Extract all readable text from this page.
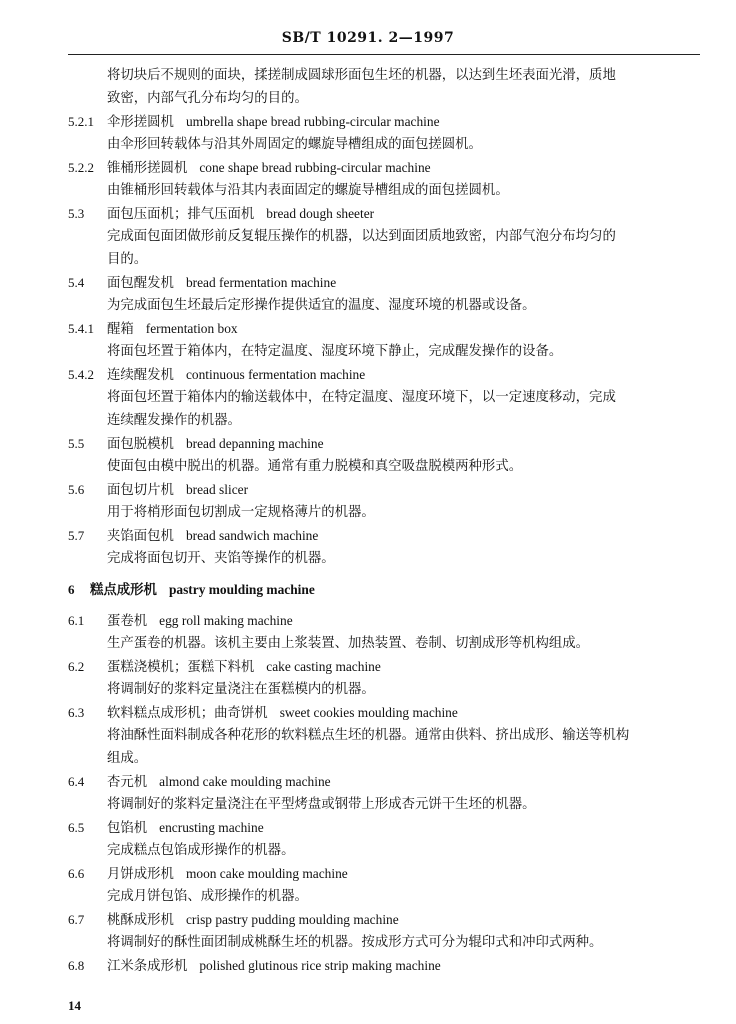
SB/T 10291. 2—1997
将切块后不规则的面块，揉搓制成圆球形面包生坯的机器，以达到生坯表面光滑，质地
致密，内部气孔分布均匀的目的。
5.2.1 伞形搓圆机 umbrella shape bread rubbing-circular machine
由伞形回转载体与沿其外周固定的螺旋导槽组成的面包搓圆机。
5.2.2 锥桶形搓圆机 cone shape bread rubbing-circular machine
由锥桶形回转载体与沿其内表面固定的螺旋导槽组成的面包搓圆机。
5.3 面包压面机；排气压面机 bread dough sheeter
完成面包面团做形前反复辊压操作的机器，以达到面团质地致密，内部气泡分布均匀的
目的。
5.4 面包醒发机 bread fermentation machine
为完成面包生坯最后定形操作提供适宜的温度、湿度环境的机器或设备。
5.4.1 醒箱 fermentation box
将面包坯置于箱体内，在特定温度、湿度环境下静止，完成醒发操作的设备。
5.4.2 连续醒发机 continuous fermentation machine
将面包坯置于箱体内的输送载体中，在特定温度、湿度环境下，以一定速度移动，完成
连续醒发操作的机器。
5.5 面包脱模机 bread depanning machine
使面包由模中脱出的机器。通常有重力脱模和真空吸盘脱模两种形式。
5.6 面包切片机 bread slicer
用于将梢形面包切割成一定规格薄片的机器。
5.7 夹馅面包机 bread sandwich machine
完成将面包切开、夹馅等操作的机器。
6 糕点成形机 pastry moulding machine
6.1 蛋卷机 egg roll making machine
生产蛋卷的机器。该机主要由上浆装置、加热装置、卷制、切割成形等机构组成。
6.2 蛋糕浇模机；蛋糕下料机 cake casting machine
将调制好的浆料定量浇注在蛋糕模内的机器。
6.3 软料糕点成形机；曲奇饼机 sweet cookies moulding machine
将油酥性面料制成各种花形的软料糕点生坯的机器。通常由供料、挤出成形、输送等机构
组成。
6.4 杏元机 almond cake moulding machine
将调制好的浆料定量浇注在平型烤盘或钢带上形成杏元饼干生坯的机器。
6.5 包馅机 encrusting machine
完成糕点包馅成形操作的机器。
6.6 月饼成形机 moon cake moulding machine
完成月饼包馅、成形操作的机器。
6.7 桃酥成形机 crisp pastry pudding moulding machine
将调制好的酥性面团制成桃酥生坯的机器。按成形方式可分为辊印式和冲印式两种。
6.8 江米条成形机 polished glutinous rice strip making machine
14
